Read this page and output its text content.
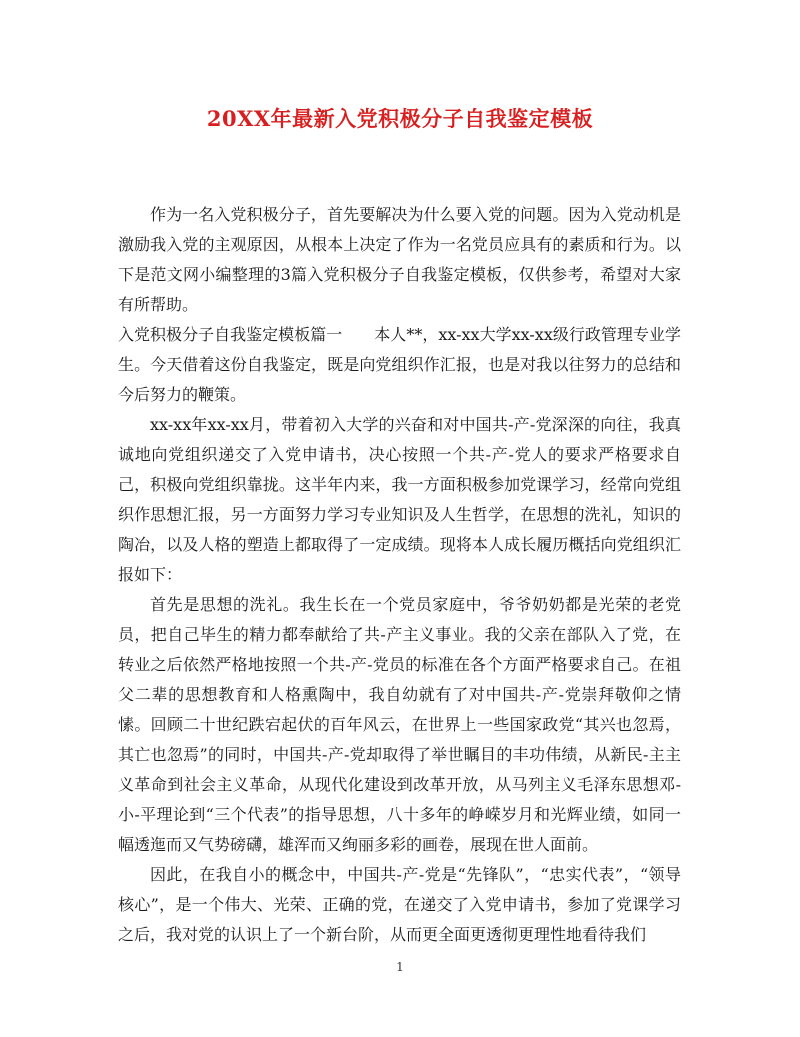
20XX年最新入党积极分子自我鉴定模板

作为一名入党积极分子，首先要解决为什么要入党的问题。因为入党动机是激励我入党的主观原因，从根本上决定了作为一名党员应具有的素质和行为。以下是范文网小编整理的3篇入党积极分子自我鉴定模板，仅供参考，希望对大家有所帮助。

入党积极分子自我鉴定模板篇一　　本人**，xx-xx大学xx-xx级行政管理专业学生。今天借着这份自我鉴定，既是向党组织作汇报，也是对我以往努力的总结和今后努力的鞭策。

xx-xx年xx-xx月，带着初入大学的兴奋和对中国共-产-党深深的向往，我真诚地向党组织递交了入党申请书，决心按照一个共-产-党人的要求严格要求自己，积极向党组织靠拢。这半年内来，我一方面积极参加党课学习，经常向党组织作思想汇报，另一方面努力学习专业知识及人生哲学，在思想的洗礼，知识的陶冶，以及人格的塑造上都取得了一定成绩。现将本人成长履历概括向党组织汇报如下：

首先是思想的洗礼。我生长在一个党员家庭中，爷爷奶奶都是光荣的老党员，把自己毕生的精力都奉献给了共-产主义事业。我的父亲在部队入了党，在转业之后依然严格地按照一个共-产-党员的标准在各个方面严格要求自己。在祖父二辈的思想教育和人格熏陶中，我自幼就有了对中国共-产-党崇拜敬仰之情愫。回顾二十世纪跌宕起伏的百年风云，在世界上一些国家政党“其兴也忽焉，其亡也忽焉”的同时，中国共-产-党却取得了举世瞩目的丰功伟绩，从新民-主主义革命到社会主义革命，从现代化建设到改革开放，从马列主义毛泽东思想邓-小-平理论到“三个代表”的指导思想，八十多年的峥嵘岁月和光辉业绩，如同一幅透迤而又气势磅礴，雄浑而又绚丽多彩的画卷，展现在世人面前。

因此，在我自小的概念中，中国共-产-党是“先锋队”，“忠实代表”，“领导核心”，是一个伟大、光荣、正确的党，在递交了入党申请书，参加了党课学习之后，我对党的认识上了一个新台阶，从而更全面更透彻更理性地看待我们

1
